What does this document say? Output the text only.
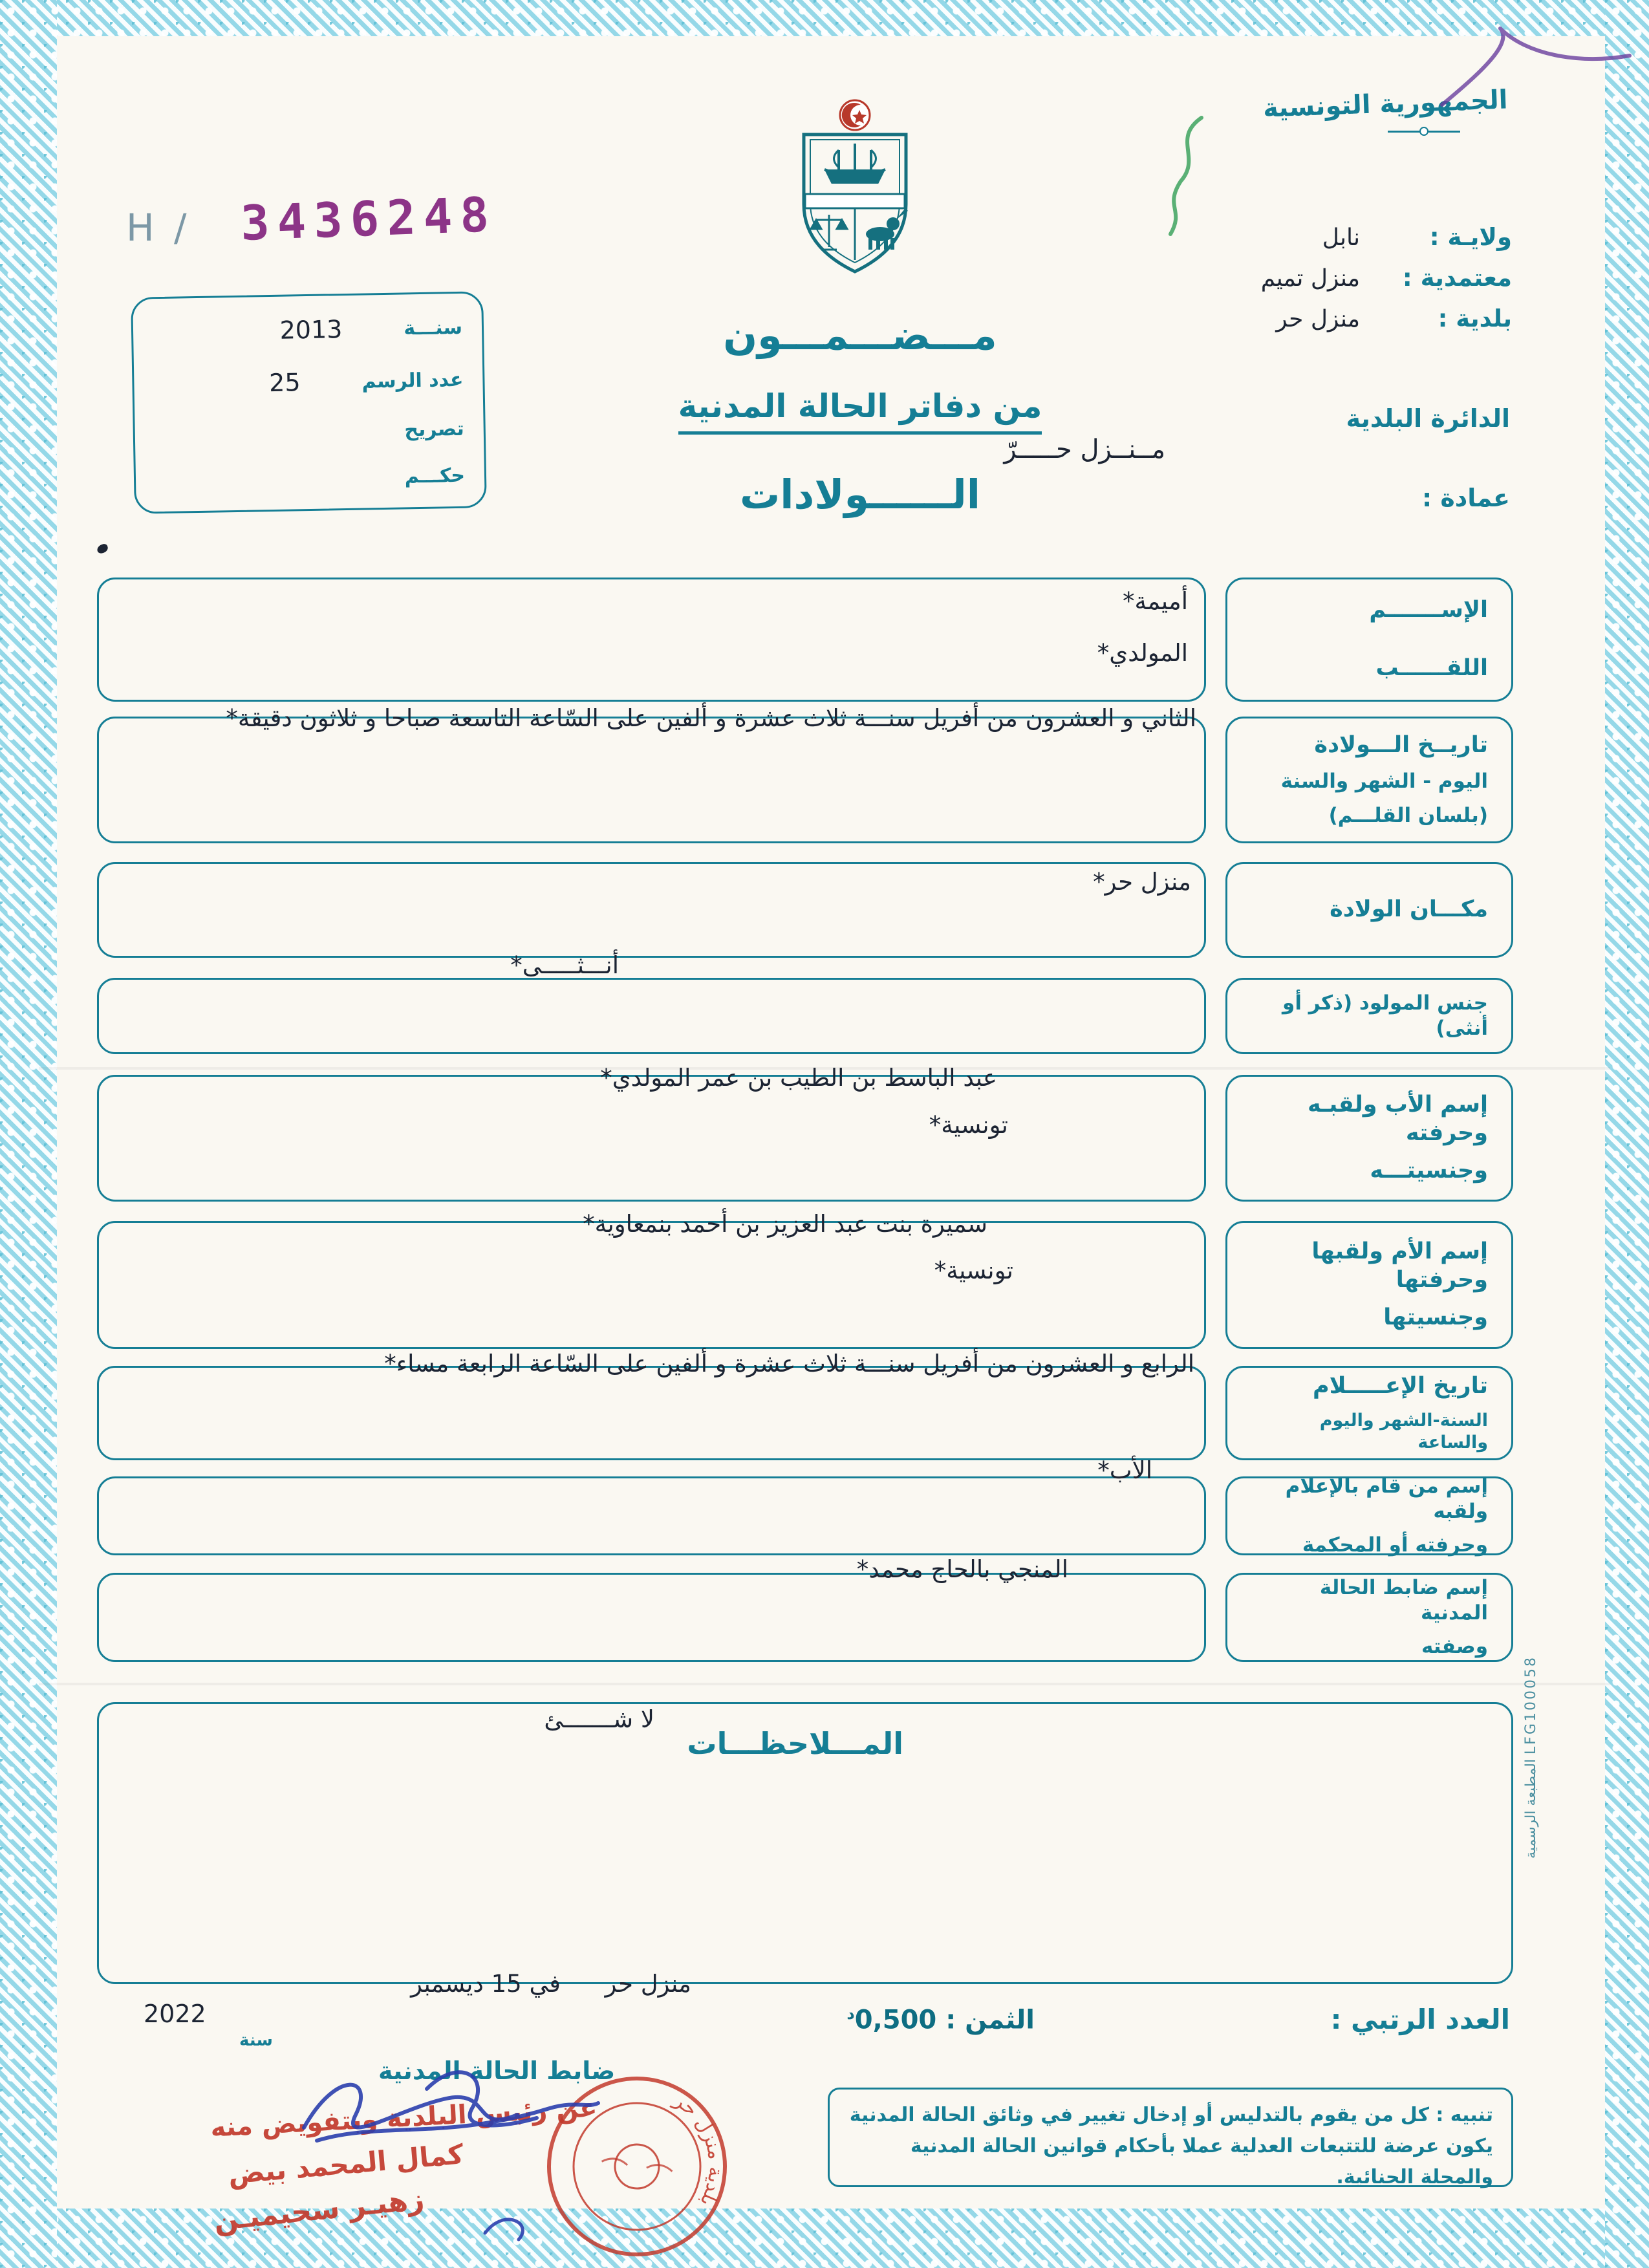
الجمهورية التونسية
H / 3436248
سنـــة
2013
عدد الرسم
25
تصريح
حكـــم
ولايـة :
نابل
معتمدية :
منزل تميم
بلدية :
منزل حر
الدائرة البلدية
مــنــزل حـــــرّ
عمادة :
مـــضـــمـــون
من دفاتر الحالة المدنية
الــــــولادات
أميمة*
المولدي*
الإســـــــم
اللقــــــب
الثاني و العشرون من أفريل سنـــة ثلاث عشرة و ألفين على السّاعة التاسعة صباحا و ثلاثون دقيقة*
تاريــخ الـــولادة
اليوم - الشهر والسنة
(بلسان القلـــم)
منزل حر*
مكـــان الولادة
أنـــثـــــى*
جنس المولود (ذكر أو أنثى)
عبد الباسط بن الطيب بن عمر المولدي*
تونسية*
إسم الأب ولقبـه وحرفته
وجنسيتـــه
سميرة بنت عبد العزيز بن أحمد بنمعاوية*
تونسية*
إسم الأم ولقبها وحرفتها
وجنسيتها
الرابع و العشرون من أفريل سنـــة ثلاث عشرة و ألفين على السّاعة الرابعة مساء*
تاريخ الإعـــــلام
السنة-الشهر واليوم والساعة
الأب*
إسم من قام بالإعلام ولقبه
وحرفته أو المحكمة
المنجي بالحاج محمد*
إسم ضابط الحالة المدنية
وصفته
لا شـــــــئ
المـــلاحظـــات
منزل حر
في 15 ديسمبر
العدد الرتبي :
الثمن : $0,500^د$
2022
سنة
تنبيه : كل من يقوم بالتدليس أو إدخال تغيير في وثائق الحالة المدنية يكون عرضة للتتبعات العدلية عملا بأحكام قوانين الحالة المدنية والمجلة الجنائية.
ضابط الحالة المدنية
عن رئيس البلدية وبتفويض منه
كمال المحمد بيض
زهيـر سحيميـن
بلدية منزل حر
المطبعة الرسمية LFG100058
